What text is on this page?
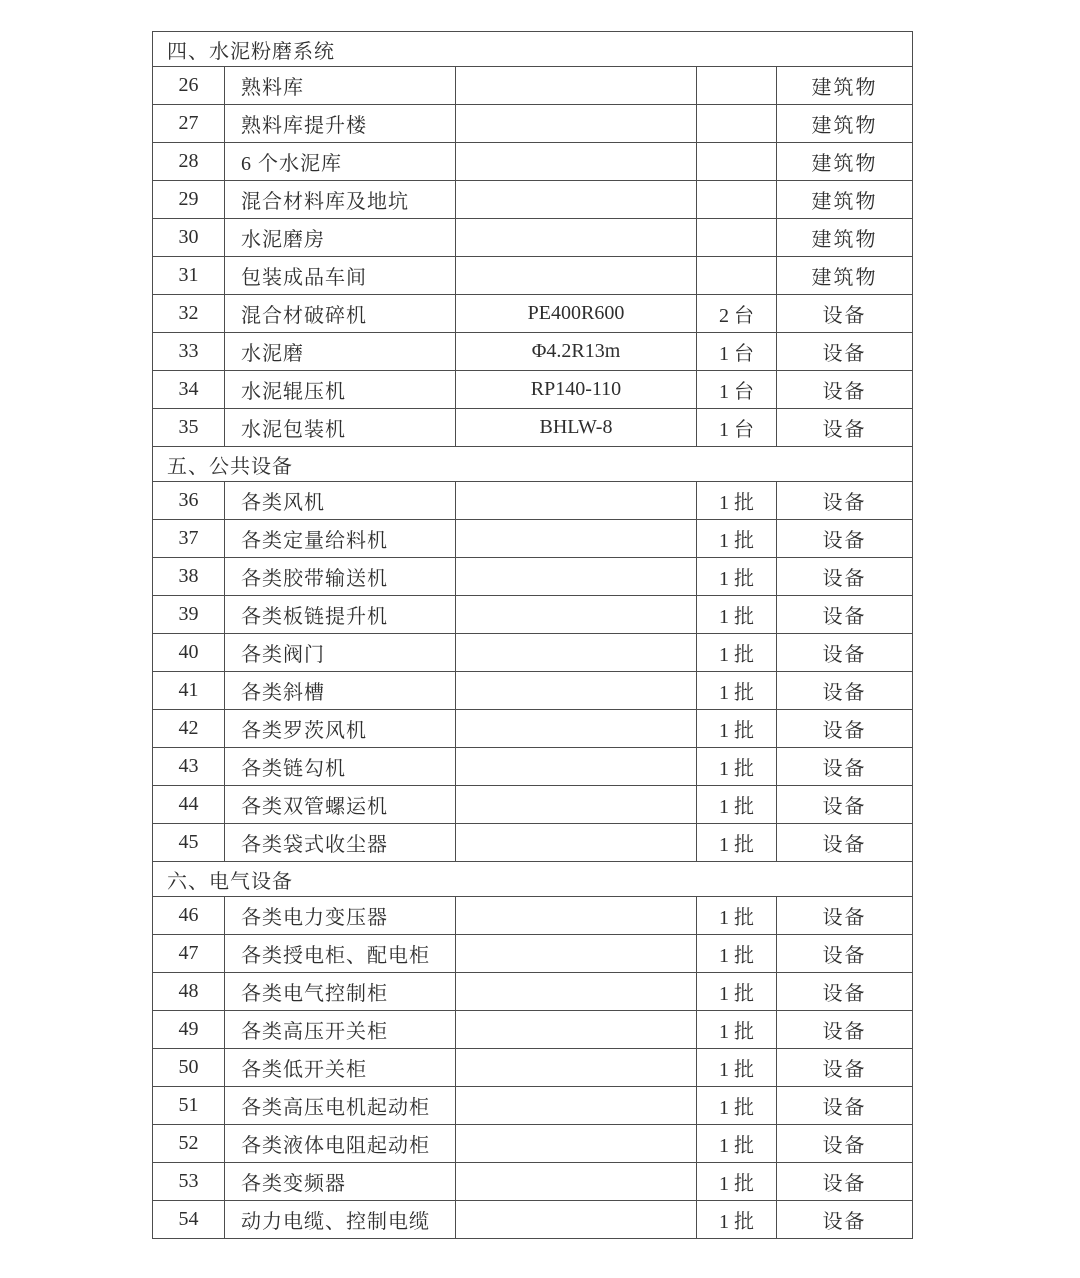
四、水泥粉磨系统				
26	熟料库			建筑物
27	熟料库提升楼			建筑物
28	6 个水泥库			建筑物
29	混合材料库及地坑			建筑物
30	水泥磨房			建筑物
31	包装成品车间			建筑物
32	混合材破碎机	PE400R600	2 台	设备
33	水泥磨	Φ4.2R13m	1 台	设备
34	水泥辊压机	RP140-110	1 台	设备
35	水泥包装机	BHLW-8	1 台	设备
五、公共设备				
36	各类风机		1 批	设备
37	各类定量给料机		1 批	设备
38	各类胶带输送机		1 批	设备
39	各类板链提升机		1 批	设备
40	各类阀门		1 批	设备
41	各类斜槽		1 批	设备
42	各类罗茨风机		1 批	设备
43	各类链勾机		1 批	设备
44	各类双管螺运机		1 批	设备
45	各类袋式收尘器		1 批	设备
六、电气设备				
46	各类电力变压器		1 批	设备
47	各类授电柜、配电柜		1 批	设备
48	各类电气控制柜		1 批	设备
49	各类高压开关柜		1 批	设备
50	各类低开关柜		1 批	设备
51	各类高压电机起动柜		1 批	设备
52	各类液体电阻起动柜		1 批	设备
53	各类变频器		1 批	设备
54	动力电缆、控制电缆		1 批	设备
